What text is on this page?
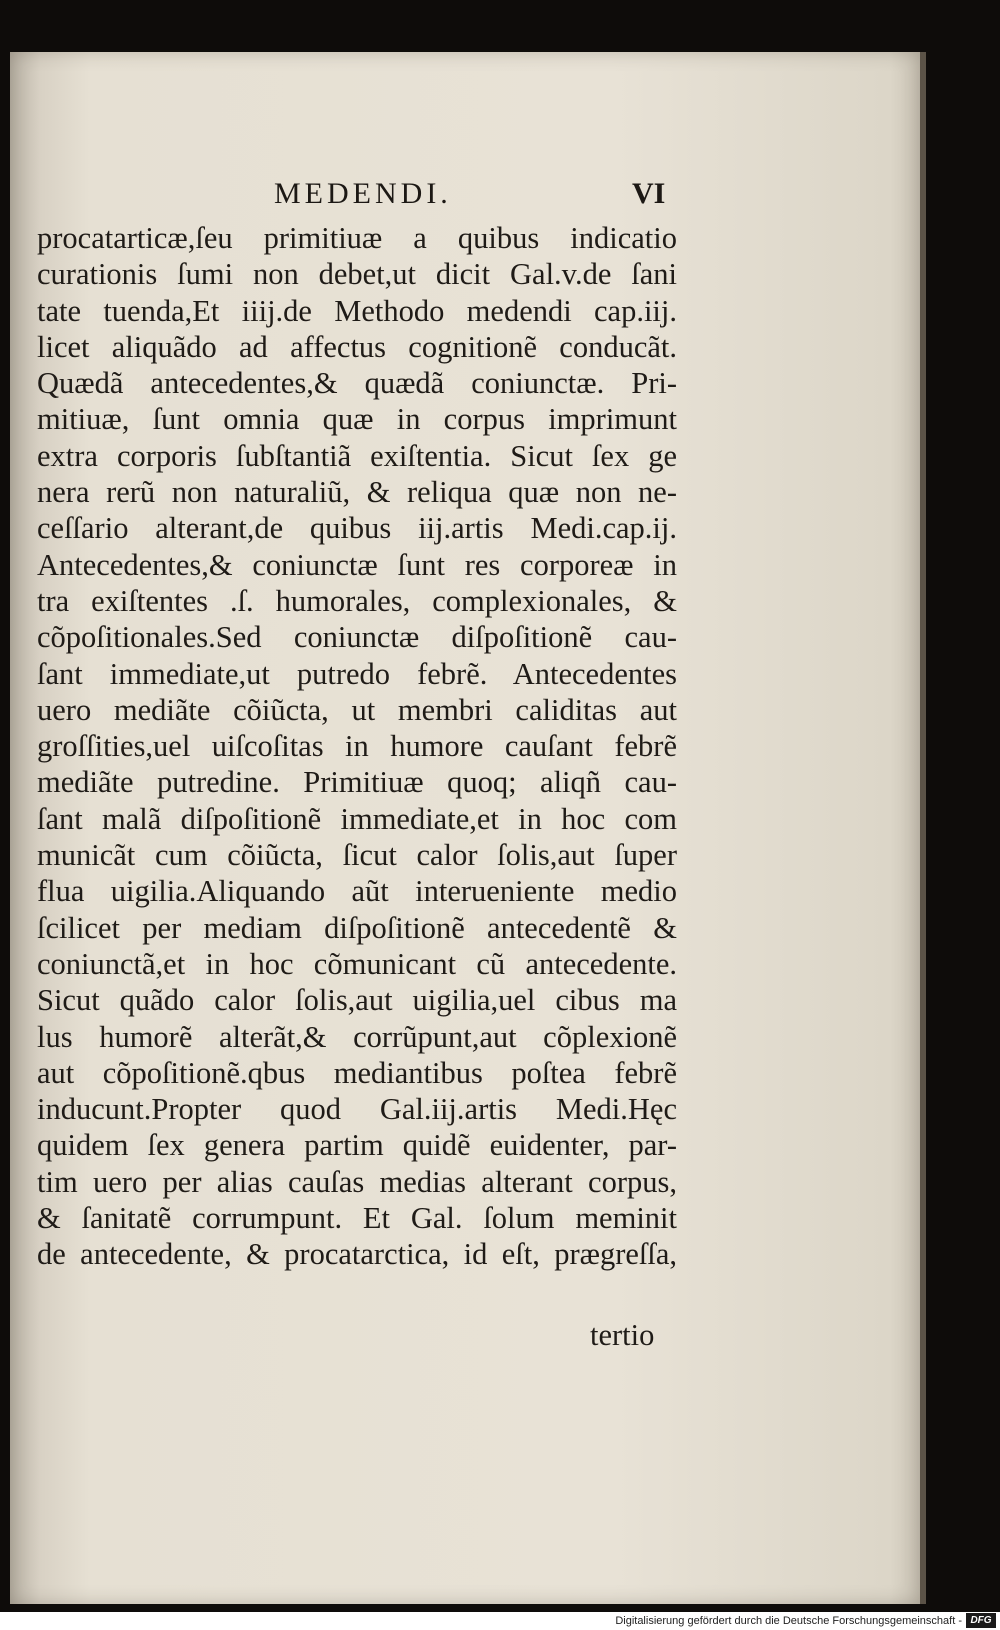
MEDENDI.	VI
procatarticæ,ſeu primitiuæ a quibus indicatio
curationis ſumi non debet,ut dicit Gal.v.de ſani
tate tuenda,Et iiij.de Methodo medendi cap.iij.
licet aliquãdo ad affectus cognitionẽ conducãt.
Quædã antecedentes,& quædã coniunctæ. Pri-
mitiuæ, ſunt omnia quæ in corpus imprimunt
extra corporis ſubſtantiã exiſtentia. Sicut ſex ge
nera rerũ non naturaliũ, & reliqua quæ non ne-
ceſſario alterant,de quibus iij.artis Medi.cap.ij.
Antecedentes,& coniunctæ ſunt res corporeæ in
tra exiſtentes .ſ. humorales, complexionales, &
cõpoſitionales.Sed coniunctæ diſpoſitionẽ cau-
ſant immediate,ut putredo febrẽ. Antecedentes
uero mediãte cõiũcta, ut membri caliditas aut
groſſities,uel uiſcoſitas in humore cauſant febrẽ
mediãte putredine. Primitiuæ quoq; aliqñ cau-
ſant malã diſpoſitionẽ immediate,et in hoc com
municãt cum cõiũcta, ſicut calor ſolis,aut ſuper
flua uigilia.Aliquando aũt interueniente medio
ſcilicet per mediam diſpoſitionẽ antecedentẽ &
coniunctã,et in hoc cõmunicant cũ antecedente.
Sicut quãdo calor ſolis,aut uigilia,uel cibus ma
lus humorẽ alterãt,& corrũpunt,aut cõplexionẽ
aut cõpoſitionẽ.qbus mediantibus poſtea febrẽ
inducunt.Propter quod Gal.iij.artis Medi.Hęc
quidem ſex genera partim quidẽ euidenter, par-
tim uero per alias cauſas medias alterant corpus,
& ſanitatẽ corrumpunt. Et Gal. ſolum meminit
de antecedente, & procatarctica, id eſt, prægreſſa,
tertio
Digitalisierung gefördert durch die Deutsche Forschungsgemeinschaft - DFG
